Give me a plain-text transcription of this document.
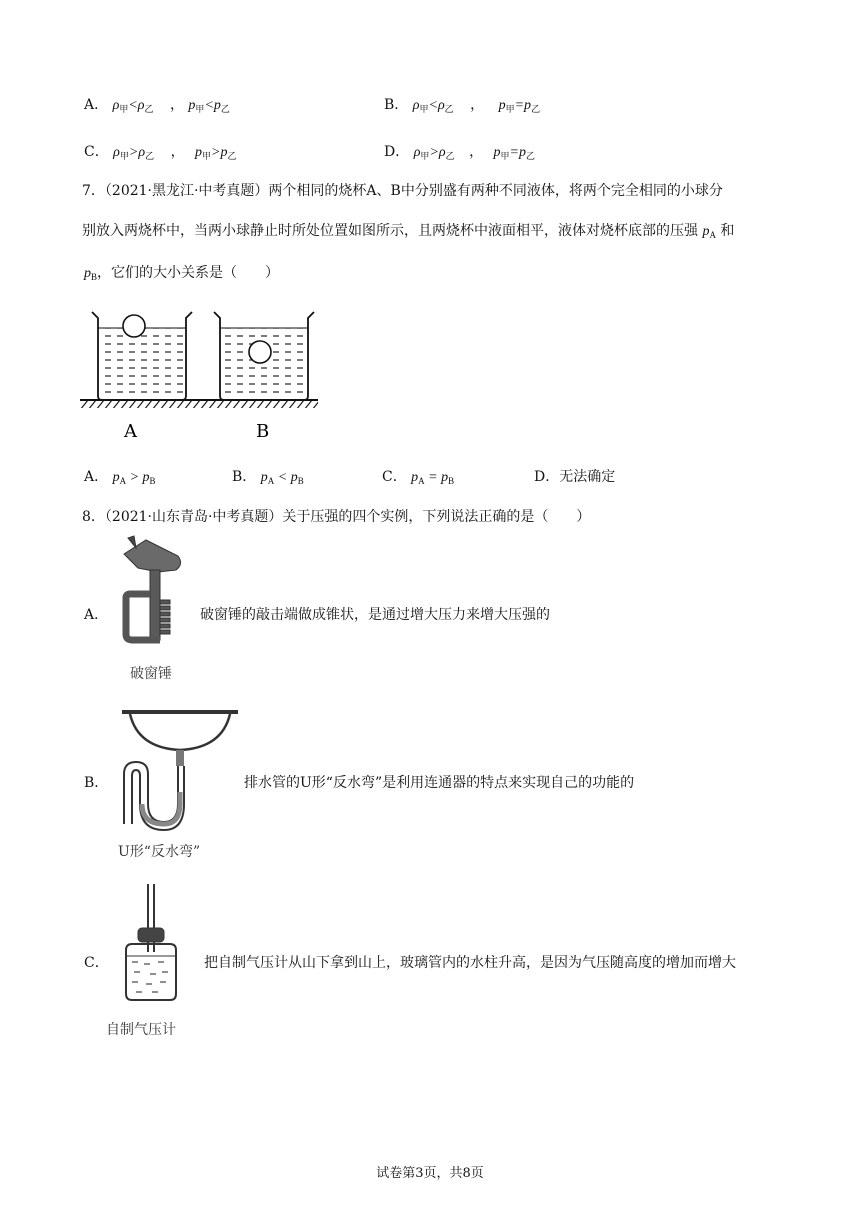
A． $\rho_甲<\rho_乙$ ， $p_甲<p_乙$	B． $\rho_甲<\rho_乙$ ， $p_甲=p_乙$
C． $\rho_甲>\rho_乙$ ， $p_甲>p_乙$	D． $\rho_甲>\rho_乙$ ， $p_甲=p_乙$
7．（2021·黑龙江·中考真题）两个相同的烧杯A、B中分别盛有两种不同液体，将两个完全相同的小球分
别放入两烧杯中，当两小球静止时所处位置如图所示，且两烧杯中液面相平，液体对烧杯底部的压强 $p_A$ 和
$p_B$，它们的大小关系是（　　）
A	B
A． $p_A > p_B$	B． $p_A < p_B$	C． $p_A = p_B$	D．无法确定
8．（2021·山东青岛·中考真题）关于压强的四个实例，下列说法正确的是（　　）
A．
破窗锤
破窗锤的敲击端做成锥状，是通过增大压力来增大压强的
B．
U形“反水弯”
排水管的U形“反水弯”是利用连通器的特点来实现自己的功能的
C．
自制气压计
把自制气压计从山下拿到山上，玻璃管内的水柱升高，是因为气压随高度的增加而增大
试卷第3页，共8页
